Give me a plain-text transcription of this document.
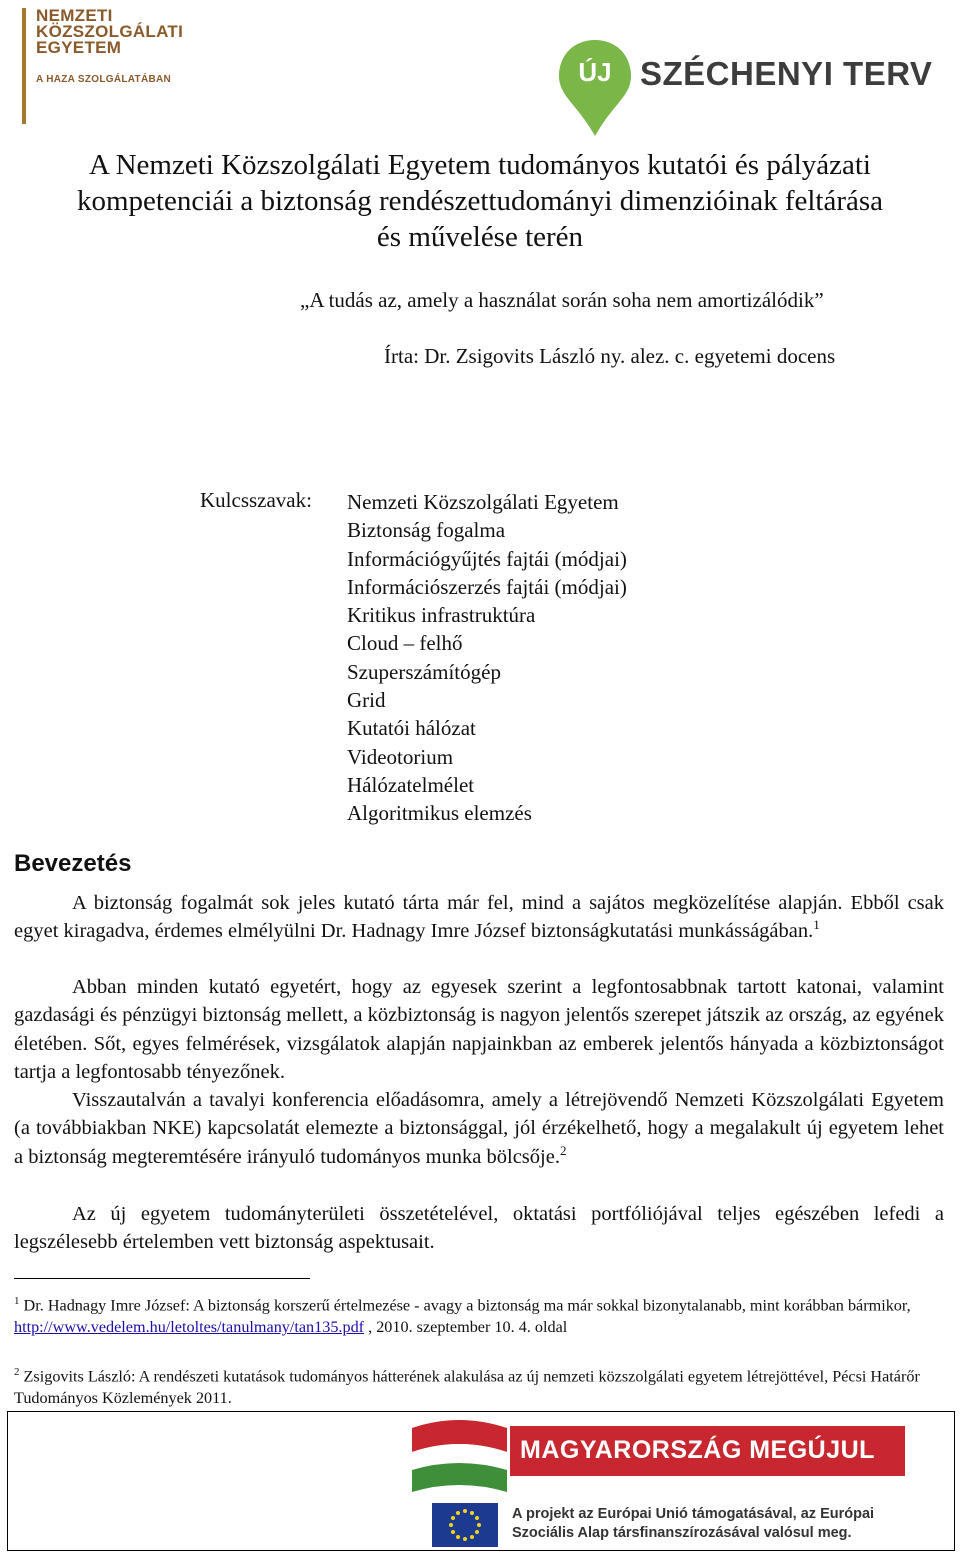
NEMZETI
KÖZSZOLGÁLATI
EGYETEM
A HAZA SZOLGÁLATÁBAN	ÚJ SZÉCHENYI TERV
A Nemzeti Közszolgálati Egyetem tudományos kutatói és pályázati
kompetenciái a biztonság rendészettudományi dimenzióinak feltárása
és művelése terén
„A tudás az, amely a használat során soha nem amortizálódik”
Írta: Dr. Zsigovits László ny. alez. c. egyetemi docens
Kulcsszavak: Nemzeti Közszolgálati Egyetem
Biztonság fogalma
Információgyűjtés fajtái (módjai)
Információszerzés fajtái (módjai)
Kritikus infrastruktúra
Cloud – felhő
Szuperszámítógép
Grid
Kutatói hálózat
Videotorium
Hálózatelmélet
Algoritmikus elemzés
Bevezetés

A biztonság fogalmát sok jeles kutató tárta már fel, mind a sajátos megközelítése alapján. Ebből csak egyet kiragadva, érdemes elmélyülni Dr. Hadnagy Imre József biztonságkutatási munkásságában.$^1$

Abban minden kutató egyetért, hogy az egyesek szerint a legfontosabbnak tartott katonai, valamint gazdasági és pénzügyi biztonság mellett, a közbiztonság is nagyon jelentős szerepet játszik az ország, az egyének életében. Sőt, egyes felmérések, vizsgálatok alapján napjainkban az emberek jelentős hányada a közbiztonságot tartja a legfontosabb tényezőnek.

Visszautalván a tavalyi konferencia előadásomra, amely a létrejövendő Nemzeti Közszolgálati Egyetem (a továbbiakban NKE) kapcsolatát elemezte a biztonsággal, jól érzékelhető, hogy a megalakult új egyetem lehet a biztonság megteremtésére irányuló tudományos munka bölcsője.$^2$

Az új egyetem tudományterületi összetételével, oktatási portfóliójával teljes egészében lefedi a legszélesebb értelemben vett biztonság aspektusait.

$^1$ Dr. Hadnagy Imre József: A biztonság korszerű értelmezése - avagy a biztonság ma már sokkal bizonytalanabb, mint korábban bármikor, http://www.vedelem.hu/letoltes/tanulmany/tan135.pdf , 2010. szeptember 10. 4. oldal

$^2$ Zsigovits László: A rendészeti kutatások tudományos hátterének alakulása az új nemzeti közszolgálati egyetem létrejöttével, Pécsi Határőr Tudományos Közlemények 2011.

MAGYARORSZÁG MEGÚJUL
A projekt az Európai Unió támogatásával, az Európai
Szociális Alap társfinanszírozásával valósul meg.
